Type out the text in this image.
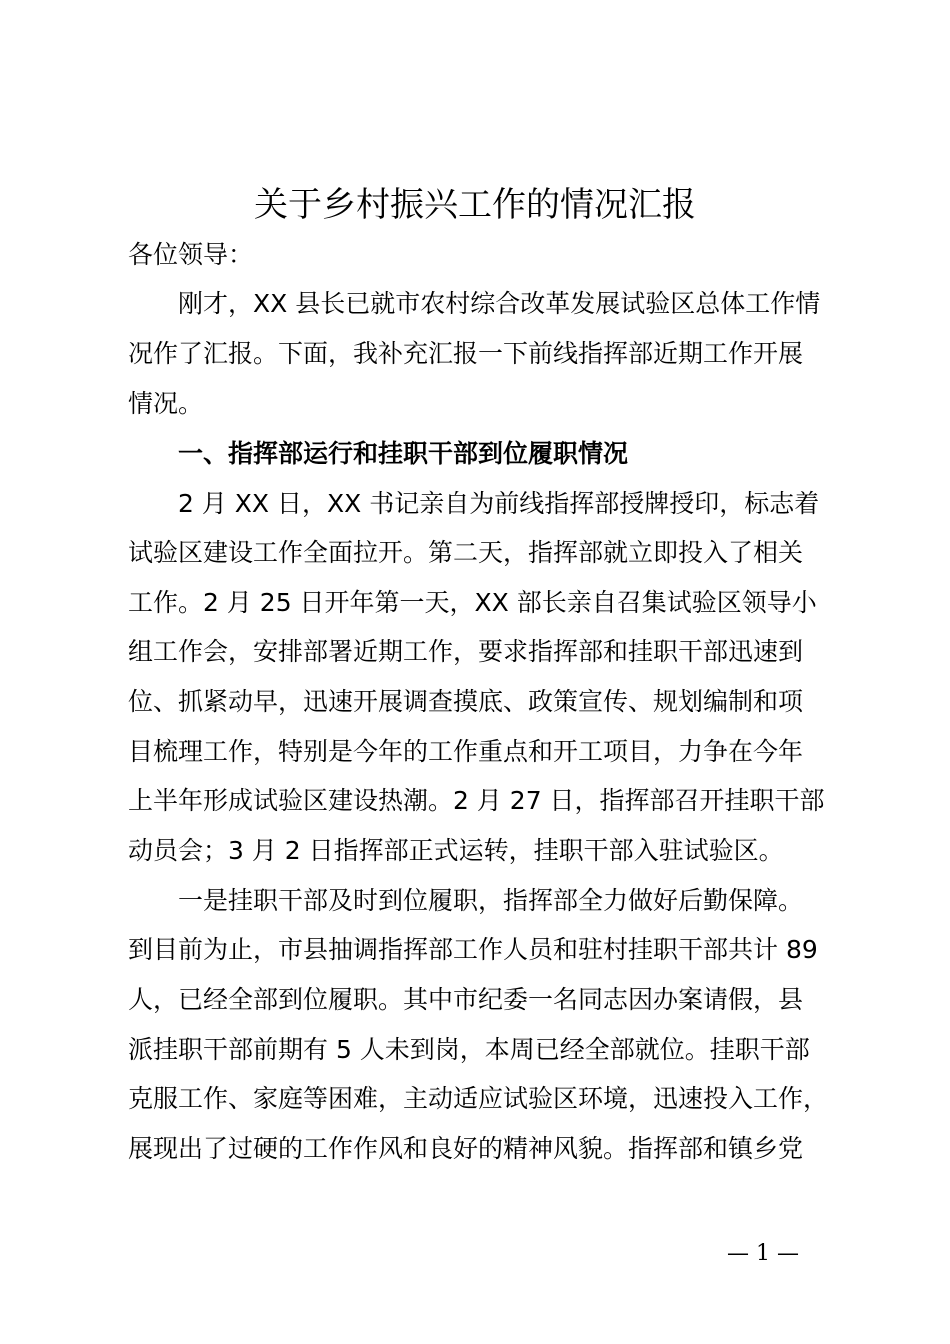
关于乡村振兴工作的情况汇报
各位领导：
刚才，XX 县长已就市农村综合改革发展试验区总体工作情
况作了汇报。下面，我补充汇报一下前线指挥部近期工作开展
情况。
一、指挥部运行和挂职干部到位履职情况
2 月 XX 日，XX 书记亲自为前线指挥部授牌授印，标志着
试验区建设工作全面拉开。第二天，指挥部就立即投入了相关
工作。2 月 25 日开年第一天，XX 部长亲自召集试验区领导小
组工作会，安排部署近期工作，要求指挥部和挂职干部迅速到
位、抓紧动早，迅速开展调查摸底、政策宣传、规划编制和项
目梳理工作，特别是今年的工作重点和开工项目，力争在今年
上半年形成试验区建设热潮。2 月 27 日，指挥部召开挂职干部
动员会；3 月 2 日指挥部正式运转，挂职干部入驻试验区。
一是挂职干部及时到位履职，指挥部全力做好后勤保障。
到目前为止，市县抽调指挥部工作人员和驻村挂职干部共计 89
人，已经全部到位履职。其中市纪委一名同志因办案请假，县
派挂职干部前期有 5 人未到岗，本周已经全部就位。挂职干部
克服工作、家庭等困难，主动适应试验区环境，迅速投入工作，
展现出了过硬的工作作风和良好的精神风貌。指挥部和镇乡党
— 1 —
